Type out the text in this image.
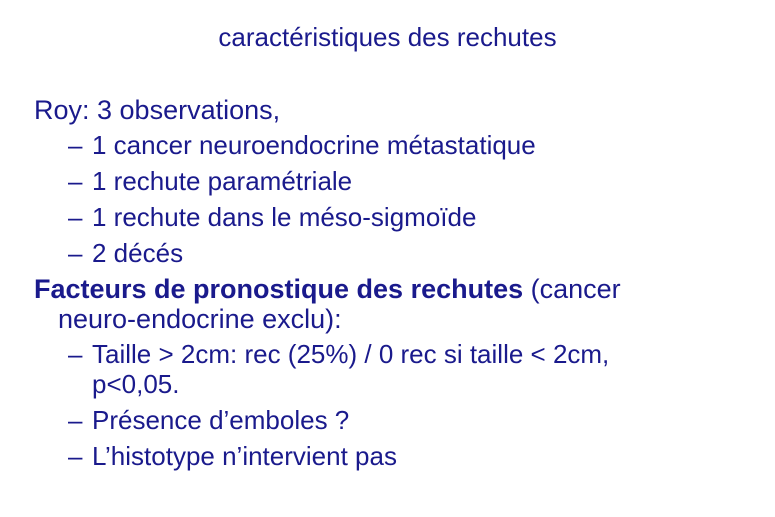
caractéristiques des rechutes
Roy: 3 observations,
– 1 cancer neuroendocrine métastatique
– 1 rechute paramétriale
– 1 rechute dans le méso-sigmoïde
– 2 décés
Facteurs de pronostique des rechutes (cancer
neuro-endocrine exclu):
– Taille > 2cm: rec (25%) / 0 rec si taille < 2cm,
p<0,05.
– Présence d’emboles ?
– L’histotype n’intervient pas
